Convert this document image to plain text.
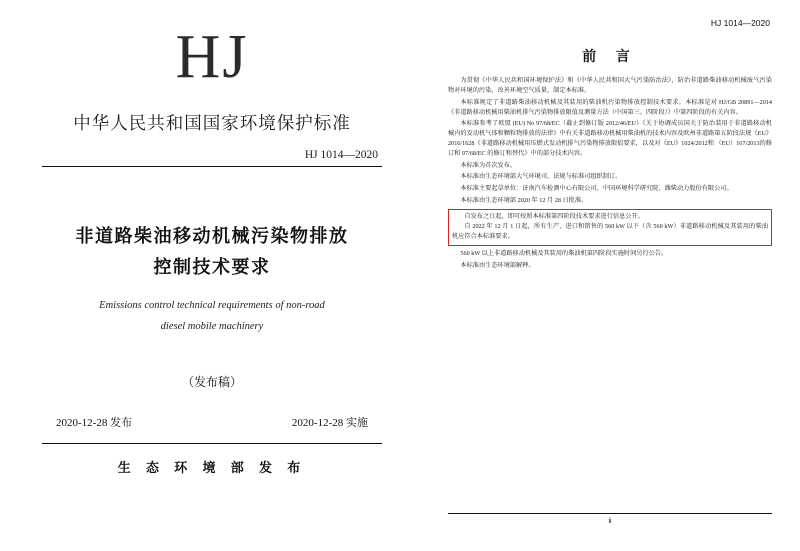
HJ
中华人民共和国国家环境保护标准
HJ 1014—2020
非道路柴油移动机械污染物排放
控制技术要求
Emissions control technical requirements of non-road
diesel mobile machinery
（发布稿）
2020-12-28 发布	2020-12-28 实施
生 态 环 境 部 发 布
HJ 1014—2020
前 言

为贯彻《中华人民共和国环境保护法》和《中华人民共和国大气污染防治法》，防治非道路柴油移动机械废气污染物对环境的污染，改善环境空气质量，制定本标准。

本标准规定了非道路柴油移动机械及其装用的柴油机污染物排放控制技术要求。本标准是对 HJ/GB 20891—2014《非道路移动机械用柴油机排气污染物排放限值及测量方法（中国第三、四阶段）》中第四阶段的有关内容。

本标准参考了欧盟 (EU) No 97/68/EC（截止到修订版 2012/46/EU）《关于协调成员国关于防治装用于非道路移动机械内的发动机气体和颗粒物排放的法律》中有关非道路移动机械用柴油机的技术内容及欧州非道路第五阶段法规《EU》2016/1628《非道路移动机械用压燃式发动机排气污染物排放限值要求，以及对《EU》1024/2012和 （EU）167/2013的修订和 97/68/EC 的修订和替代》中的部分技术内容。

本标准为首次发布。

本标准由生态环境部大气环境司、法规与标准司组织制订。

本标准主要起草单位：济南汽车检测中心有限公司、中国环境科学研究院、潍柴动力股份有限公司。

本标准由生态环境部 2020 年 12 月 28 日批准。

自发布之日起，即可按照本标准第四阶段技术要求进行信息公开。

自 2022 年 12 月 1 日起，所有生产、进口和销售的 560 kW 以下（含 560 kW）非道路移动机械及其装用的柴油机应符合本标准要求。

560 kW 以上非道路移动机械及其装用的柴油机第四阶段实施时间另行公告。

本标准由生态环境部解释。

ii
